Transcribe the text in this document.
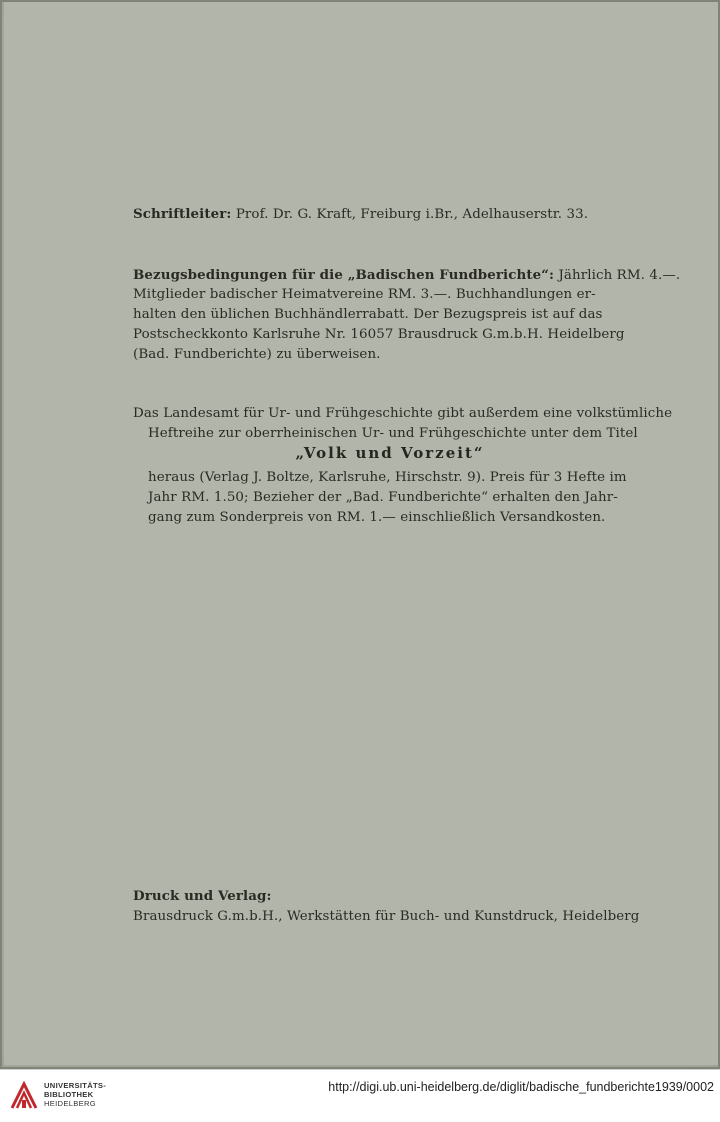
Schriftleiter: Prof. Dr. G. Kraft, Freiburg i.Br., Adelhauserstr. 33.
Bezugsbedingungen für die „Badischen Fundberichte“: Jährlich RM. 4.—.
Mitglieder badischer Heimatvereine RM. 3.—. Buchhandlungen er-
halten den üblichen Buchhändlerrabatt. Der Bezugspreis ist auf das
Postscheckkonto Karlsruhe Nr. 16057 Brausdruck G.m.b.H. Heidelberg
(Bad. Fundberichte) zu überweisen.
Das Landesamt für Ur- und Frühgeschichte gibt außerdem eine volkstümliche
Heftreihe zur oberrheinischen Ur- und Frühgeschichte unter dem Titel
„Volk und Vorzeit“
heraus (Verlag J. Boltze, Karlsruhe, Hirschstr. 9). Preis für 3 Hefte im
Jahr RM. 1.50; Bezieher der „Bad. Fundberichte“ erhalten den Jahr-
gang zum Sonderpreis von RM. 1.— einschließlich Versandkosten.
Druck und Verlag:
Brausdruck G.m.b.H., Werkstätten für Buch- und Kunstdruck, Heidelberg
UNIVERSITÄTS-
BIBLIOTHEK
HEIDELBERG
http://digi.ub.uni-heidelberg.de/diglit/badische_fundberichte1939/0002
